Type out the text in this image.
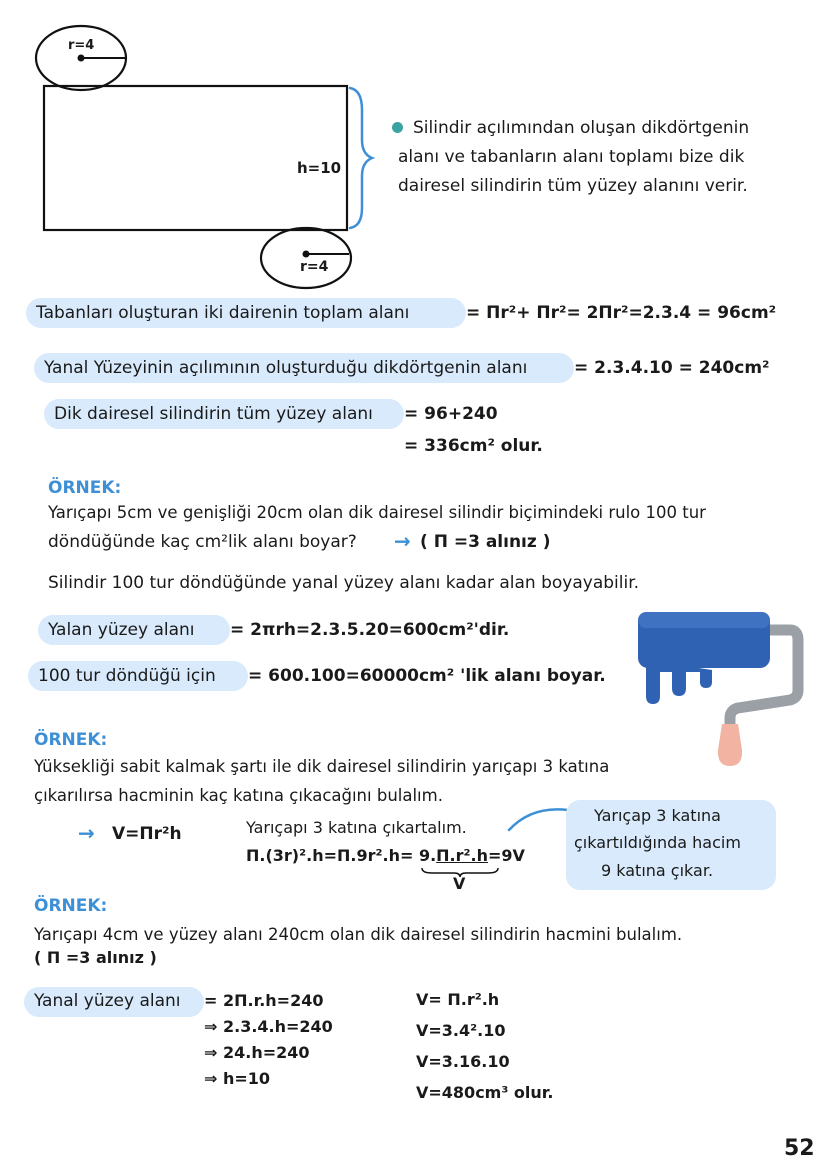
r=4
h=10
r=4
Silindir açılımından oluşan dikdörtgenin
alanı ve tabanların alanı toplamı bize dik
dairesel silindirin tüm yüzey alanını verir.
Tabanları oluşturan iki dairenin toplam alanı	= Πr²+ Πr²= 2Πr²=2.3.4 = 96cm²
Yanal Yüzeyinin açılımının oluşturduğu dikdörtgenin alanı	= 2.3.4.10 = 240cm²
Dik dairesel silindirin tüm yüzey alanı = 96+240
= 336cm² olur.
ÖRNEK:
Yarıçapı 5cm ve genişliği 20cm olan dik dairesel silindir biçimindeki rulo 100 tur
döndüğünde kaç cm²lik alanı boyar? → ( Π =3 alınız )
Silindir 100 tur döndüğünde yanal yüzey alanı kadar alan boyayabilir.
Yalan yüzey alanı = 2πrh=2.3.5.20=600cm²'dir.
100 tur döndüğü için = 600.100=60000cm² 'lik alanı boyar.
ÖRNEK:
Yüksekliği sabit kalmak şartı ile dik dairesel silindirin yarıçapı 3 katına
çıkarılırsa hacminin kaç katına çıkacağını bulalım.
→ V=Πr²h	Yarıçapı 3 katına çıkartalım.
Π.(3r)².h=Π.9r².h= 9.Π.r².h=9V
V
Yarıçap 3 katına
çıkartıldığında hacim
9 katına çıkar.
ÖRNEK:
Yarıçapı 4cm ve yüzey alanı 240cm olan dik dairesel silindirin hacmini bulalım.
( Π =3 alınız )
Yanal yüzey alanı = 2Π.r.h=240
⇒ 2.3.4.h=240
⇒ 24.h=240
⇒ h=10
V= Π.r².h
V=3.4².10
V=3.16.10
V=480cm³ olur.
52
